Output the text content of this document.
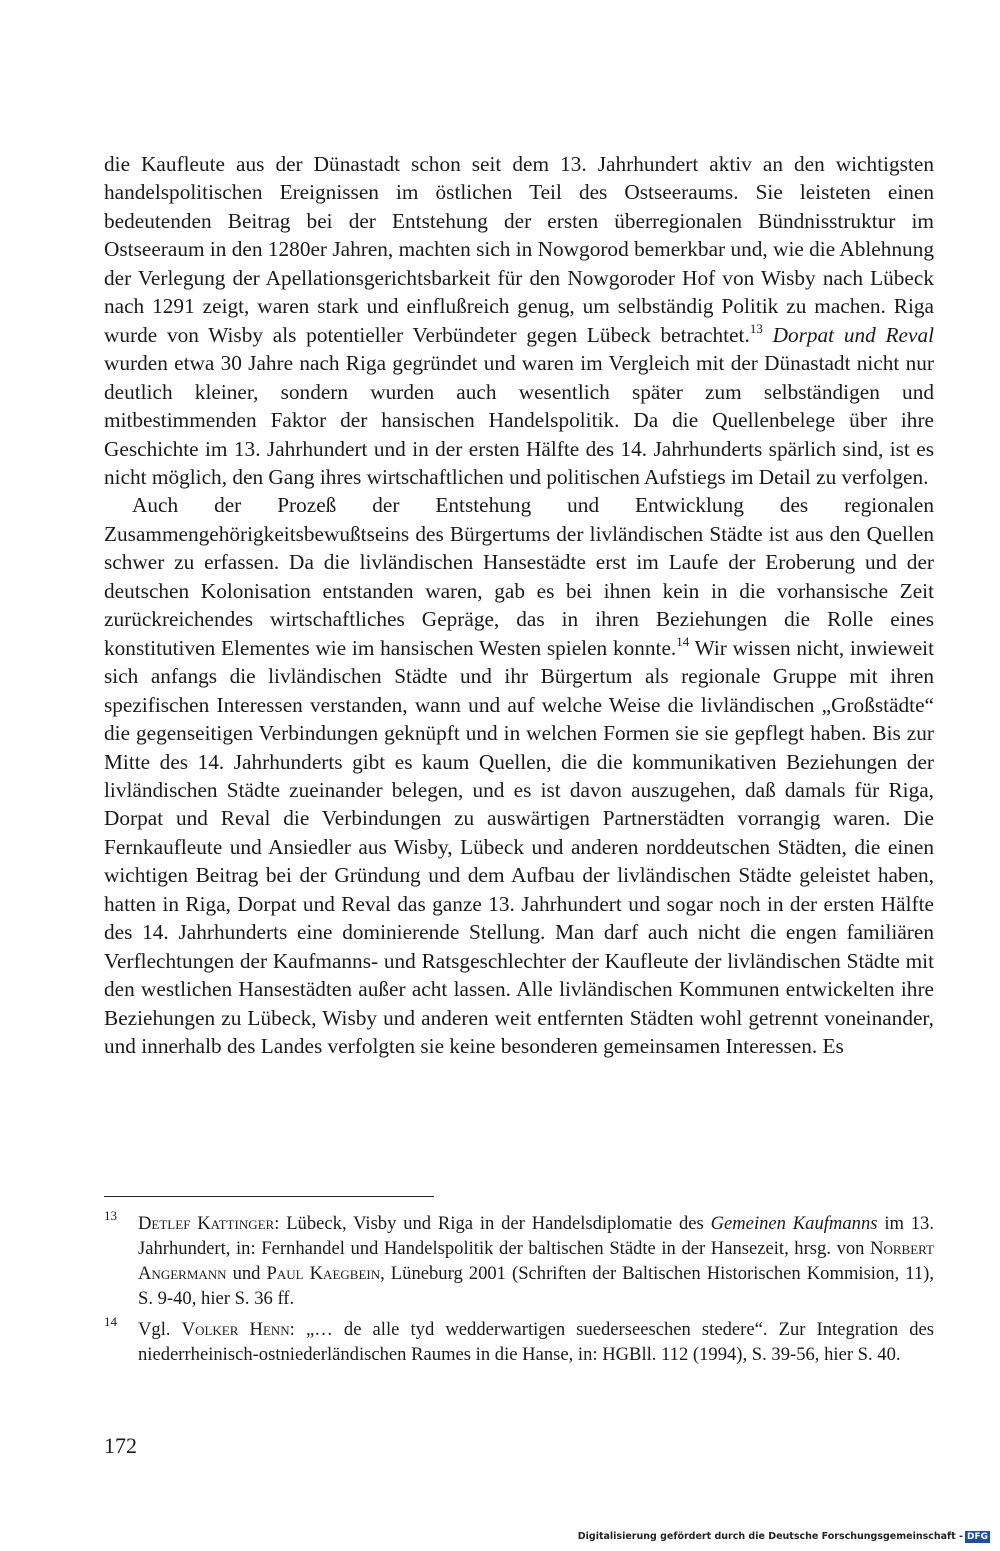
die Kaufleute aus der Dünastadt schon seit dem 13. Jahrhundert aktiv an den wichtigsten handelspolitischen Ereignissen im östlichen Teil des Ostseeraums. Sie leisteten einen bedeutenden Beitrag bei der Entstehung der ersten überregionalen Bündnisstruktur im Ostseeraum in den 1280er Jahren, machten sich in Nowgorod bemerkbar und, wie die Ablehnung der Verlegung der Apellationsgerichtsbarkeit für den Nowgoroder Hof von Wisby nach Lübeck nach 1291 zeigt, waren stark und einflußreich genug, um selbständig Politik zu machen. Riga wurde von Wisby als potentieller Verbündeter gegen Lübeck betrachtet.$^{13}$ Dorpat und Reval wurden etwa 30 Jahre nach Riga gegründet und waren im Vergleich mit der Dünastadt nicht nur deutlich kleiner, sondern wurden auch wesentlich später zum selbständigen und mitbestimmenden Faktor der hansischen Handelspolitik. Da die Quellenbelege über ihre Geschichte im 13. Jahrhundert und in der ersten Hälfte des 14. Jahrhunderts spärlich sind, ist es nicht möglich, den Gang ihres wirtschaftlichen und politischen Aufstiegs im Detail zu verfolgen.

Auch der Prozeß der Entstehung und Entwicklung des regionalen Zusammengehörigkeitsbewußtseins des Bürgertums der livländischen Städte ist aus den Quellen schwer zu erfassen. Da die livländischen Hansestädte erst im Laufe der Eroberung und der deutschen Kolonisation entstanden waren, gab es bei ihnen kein in die vorhansische Zeit zurückreichendes wirtschaftliches Gepräge, das in ihren Beziehungen die Rolle eines konstitutiven Elementes wie im hansischen Westen spielen konnte.$^{14}$ Wir wissen nicht, inwieweit sich anfangs die livländischen Städte und ihr Bürgertum als regionale Gruppe mit ihren spezifischen Interessen verstanden, wann und auf welche Weise die livländischen „Großstädte“ die gegenseitigen Verbindungen geknüpft und in welchen Formen sie sie gepflegt haben. Bis zur Mitte des 14. Jahrhunderts gibt es kaum Quellen, die die kommunikativen Beziehungen der livländischen Städte zueinander belegen, und es ist davon auszugehen, daß damals für Riga, Dorpat und Reval die Verbindungen zu auswärtigen Partnerstädten vorrangig waren. Die Fernkaufleute und Ansiedler aus Wisby, Lübeck und anderen norddeutschen Städten, die einen wichtigen Beitrag bei der Gründung und dem Aufbau der livländischen Städte geleistet haben, hatten in Riga, Dorpat und Reval das ganze 13. Jahrhundert und sogar noch in der ersten Hälfte des 14. Jahrhunderts eine dominierende Stellung. Man darf auch nicht die engen familiären Verflechtungen der Kaufmanns- und Ratsgeschlechter der Kaufleute der livländischen Städte mit den westlichen Hansestädten außer acht lassen. Alle livländischen Kommunen entwickelten ihre Beziehungen zu Lübeck, Wisby und anderen weit entfernten Städten wohl getrennt voneinander, und innerhalb des Landes verfolgten sie keine besonderen gemeinsamen Interessen. Es

13 Detlef Kattinger: Lübeck, Visby und Riga in der Handelsdiplomatie des Gemeinen Kaufmanns im 13. Jahrhundert, in: Fernhandel und Handelspolitik der baltischen Städte in der Hansezeit, hrsg. von Norbert Angermann und Paul Kaegbein, Lüneburg 2001 (Schriften der Baltischen Historischen Kommision, 11), S. 9-40, hier S. 36 ff.
14 Vgl. Volker Henn: „… de alle tyd wedderwartigen suederseeschen stedere“. Zur Integration des niederrheinisch-ostniederländischen Raumes in die Hanse, in: HGBll. 112 (1994), S. 39-56, hier S. 40.
172
Digitalisierung gefördert durch die Deutsche Forschungsgemeinschaft - DFG
